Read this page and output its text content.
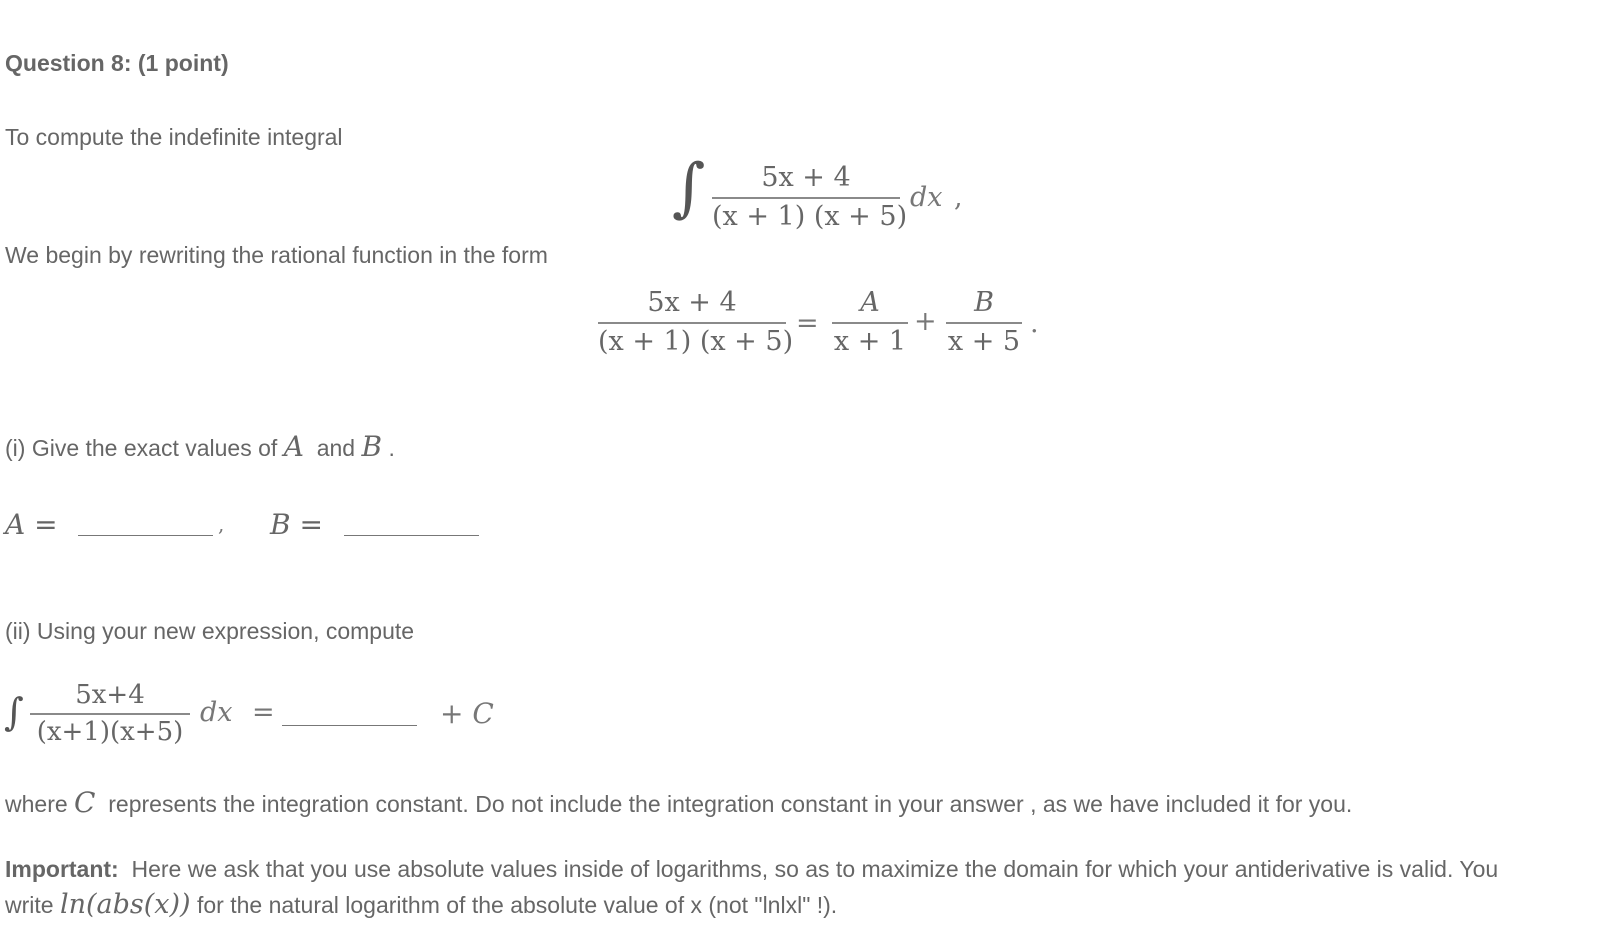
Question 8: (1 point)
To compute the indefinite integral
∫	5x + 4
(x + 1) (x + 5)
dx ,
We begin by rewriting the rational function in the form
5x + 4
(x + 1) (x + 5)
=
A
x + 1
+
B
x + 5
.
(i) Give the exact values of A and B .
A =	, B =
(ii) Using your new expression, compute
∫	5x+4
(x+1)(x+5)
dx =	+ C
where C represents the integration constant. Do not include the integration constant in your answer , as we have included it for you.
Important: Here we ask that you use absolute values inside of logarithms, so as to maximize the domain for which your antiderivative is valid. You
write ln(abs(x)) for the natural logarithm of the absolute value of x (not "lnlxl" !).
